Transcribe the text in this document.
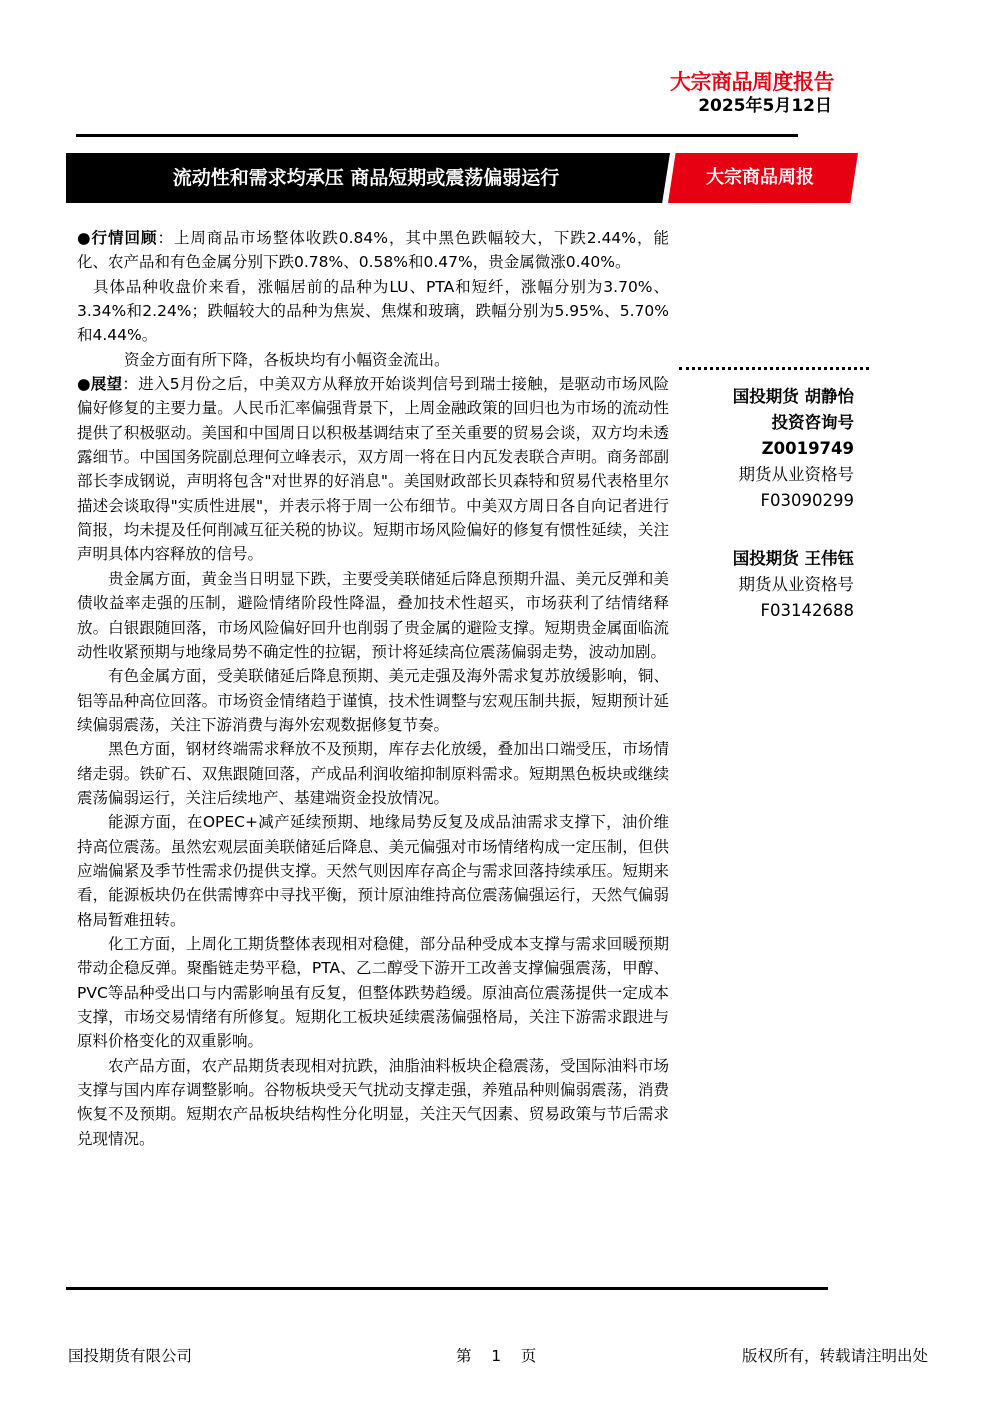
大宗商品周度报告
2025年5月12日
流动性和需求均承压 商品短期或震荡偏弱运行	大宗商品周报

●行情回顾：上周商品市场整体收跌0.84%，其中黑色跌幅较大，下跌2.44%，能化、农产品和有色金属分别下跌0.78%、0.58%和0.47%，贵金属微涨0.40%。

具体品种收盘价来看，涨幅居前的品种为LU、PTA和短纤，涨幅分别为3.70%、3.34%和2.24%；跌幅较大的品种为焦炭、焦煤和玻璃，跌幅分别为5.95%、5.70%和4.44%。

资金方面有所下降，各板块均有小幅资金流出。

●展望：进入5月份之后，中美双方从释放开始谈判信号到瑞士接触，是驱动市场风险偏好修复的主要力量。人民币汇率偏强背景下，上周金融政策的回归也为市场的流动性提供了积极驱动。美国和中国周日以积极基调结束了至关重要的贸易会谈，双方均未透露细节。中国国务院副总理何立峰表示，双方周一将在日内瓦发表联合声明。商务部副部长李成钢说，声明将包含"对世界的好消息"。美国财政部长贝森特和贸易代表格里尔描述会谈取得"实质性进展"，并表示将于周一公布细节。中美双方周日各自向记者进行简报，均未提及任何削减互征关税的协议。短期市场风险偏好的修复有惯性延续，关注声明具体内容释放的信号。

贵金属方面，黄金当日明显下跌，主要受美联储延后降息预期升温、美元反弹和美债收益率走强的压制，避险情绪阶段性降温，叠加技术性超买，市场获利了结情绪释放。白银跟随回落，市场风险偏好回升也削弱了贵金属的避险支撑。短期贵金属面临流动性收紧预期与地缘局势不确定性的拉锯，预计将延续高位震荡偏弱走势，波动加剧。

有色金属方面，受美联储延后降息预期、美元走强及海外需求复苏放缓影响，铜、铝等品种高位回落。市场资金情绪趋于谨慎，技术性调整与宏观压制共振，短期预计延续偏弱震荡，关注下游消费与海外宏观数据修复节奏。

黑色方面，钢材终端需求释放不及预期，库存去化放缓，叠加出口端受压，市场情绪走弱。铁矿石、双焦跟随回落，产成品利润收缩抑制原料需求。短期黑色板块或继续震荡偏弱运行，关注后续地产、基建端资金投放情况。

能源方面，在OPEC+减产延续预期、地缘局势反复及成品油需求支撑下，油价维持高位震荡。虽然宏观层面美联储延后降息、美元偏强对市场情绪构成一定压制，但供应端偏紧及季节性需求仍提供支撑。天然气则因库存高企与需求回落持续承压。短期来看，能源板块仍在供需博弈中寻找平衡，预计原油维持高位震荡偏强运行，天然气偏弱格局暂难扭转。

化工方面，上周化工期货整体表现相对稳健，部分品种受成本支撑与需求回暖预期带动企稳反弹。聚酯链走势平稳，PTA、乙二醇受下游开工改善支撑偏强震荡，甲醇、PVC等品种受出口与内需影响虽有反复，但整体跌势趋缓。原油高位震荡提供一定成本支撑，市场交易情绪有所修复。短期化工板块延续震荡偏强格局，关注下游需求跟进与原料价格变化的双重影响。

农产品方面，农产品期货表现相对抗跌，油脂油料板块企稳震荡，受国际油料市场支撑与国内库存调整影响。谷物板块受天气扰动支撑走强，养殖品种则偏弱震荡，消费恢复不及预期。短期农产品板块结构性分化明显，关注天气因素、贸易政策与节后需求兑现情况。

国投期货 胡静怡
投资咨询号
Z0019749
期货从业资格号
F03090299
国投期货 王伟钰
期货从业资格号
F03142688
国投期货有限公司	第    1    页	版权所有，转载请注明出处
